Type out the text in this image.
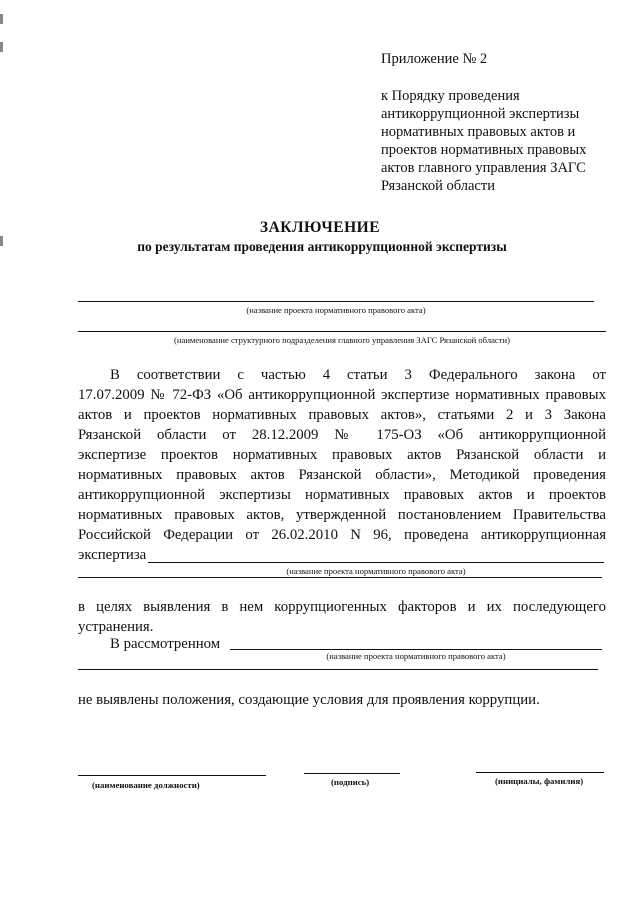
Приложение № 2
к Порядку проведения
антикоррупционной экспертизы
нормативных правовых актов и
проектов нормативных правовых
актов главного управления ЗАГС
Рязанской области
ЗАКЛЮЧЕНИЕ
по результатам проведения антикоррупционной экспертизы
(название проекта нормативного правового акта)
(наименование структурного подразделения главного управления ЗАГС Рязанской области)
В соответствии с частью 4 статьи 3 Федерального закона от
17.07.2009 № 72-ФЗ «Об антикоррупционной экспертизе нормативных правовых
актов и проектов нормативных правовых актов», статьями 2 и 3 Закона
Рязанской области от 28.12.2009 № 175-ОЗ «Об антикоррупционной
экспертизе проектов нормативных правовых актов Рязанской области и
нормативных правовых актов Рязанской области», Методикой проведения
антикоррупционной экспертизы нормативных правовых актов и проектов
нормативных правовых актов, утвержденной постановлением Правительства
Российской Федерации от 26.02.2010 N 96, проведена антикоррупционная
экспертиза
(название проекта нормативного правового акта)
в целях выявления в нем коррупциогенных факторов и их последующего
устранения.
В рассмотренном
(название проекта нормативного правового акта)
не выявлены положения, создающие условия для проявления коррупции.
(наименование должности)	(подпись)	(инициалы, фамилия)
